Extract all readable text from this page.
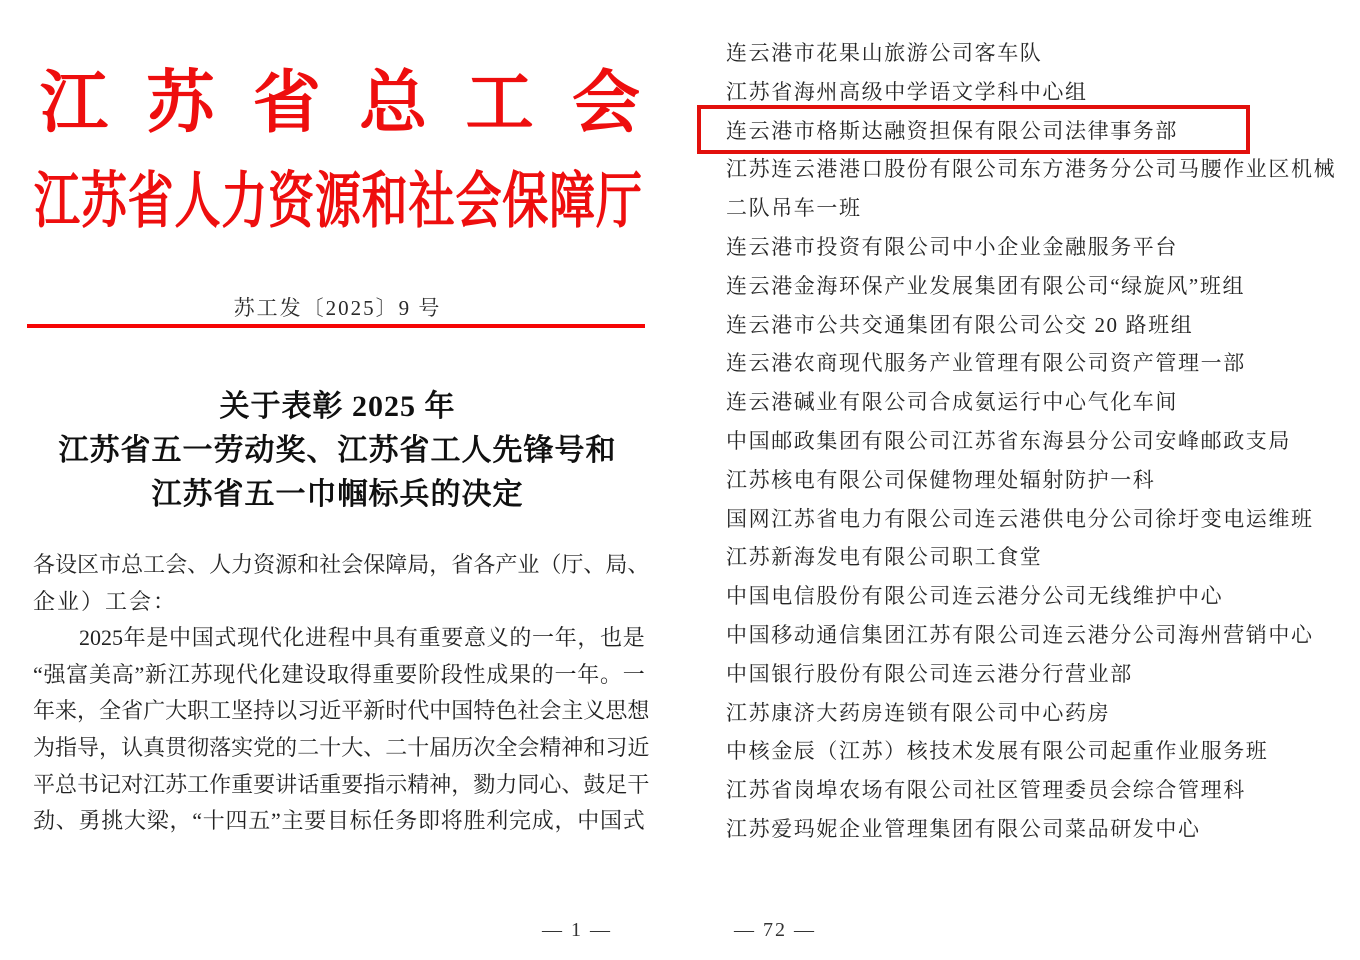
江 苏 省 总 工 会
江 苏 省 人 力 资 源 和 社 会 保 障 厅
苏工发〔2025〕9 号
关于表彰 2025 年
江苏省五一劳动奖、江苏省工人先锋号和
江苏省五一巾帼标兵的决定
各 设 区 市 总 工 会 、 人 力 资 源 和 社 会 保 障 局 ， 省 各 产 业 （ 厅 、 局 、
企业）工会：
2025 年 是 中 国 式 现 代 化 进 程 中 具 有 重 要 意 义 的 一 年 ， 也 是
“ 强 富 美 高 ” 新 江 苏 现 代 化 建 设 取 得 重 要 阶 段 性 成 果 的 一 年 。 一
年 来 ， 全 省 广 大 职 工 坚 持 以 习 近 平 新 时 代 中 国 特 色 社 会 主 义 思 想
为 指 导 ， 认 真 贯 彻 落 实 党 的 二 十 大 、 二 十 届 历 次 全 会 精 神 和 习 近
平 总 书 记 对 江 苏 工 作 重 要 讲 话 重 要 指 示 精 神 ， 勠 力 同 心 、 鼓 足 干
劲 、 勇 挑 大 梁 ， “ 十 四 五 ” 主 要 目 标 任 务 即 将 胜 利 完 成 ， 中 国 式
— 1 —
连云港市花果山旅游公司客车队
江苏省海州高级中学语文学科中心组
连云港市格斯达融资担保有限公司法律事务部
江苏连云港港口股份有限公司东方港务分公司马腰作业区机械
二队吊车一班
连云港市投资有限公司中小企业金融服务平台
连云港金海环保产业发展集团有限公司“绿旋风”班组
连云港市公共交通集团有限公司公交 20 路班组
连云港农商现代服务产业管理有限公司资产管理一部
连云港碱业有限公司合成氨运行中心气化车间
中国邮政集团有限公司江苏省东海县分公司安峰邮政支局
江苏核电有限公司保健物理处辐射防护一科
国网江苏省电力有限公司连云港供电分公司徐圩变电运维班
江苏新海发电有限公司职工食堂
中国电信股份有限公司连云港分公司无线维护中心
中国移动通信集团江苏有限公司连云港分公司海州营销中心
中国银行股份有限公司连云港分行营业部
江苏康济大药房连锁有限公司中心药房
中核金辰（江苏）核技术发展有限公司起重作业服务班
江苏省岗埠农场有限公司社区管理委员会综合管理科
江苏爱玛妮企业管理集团有限公司菜品研发中心
— 72 —
